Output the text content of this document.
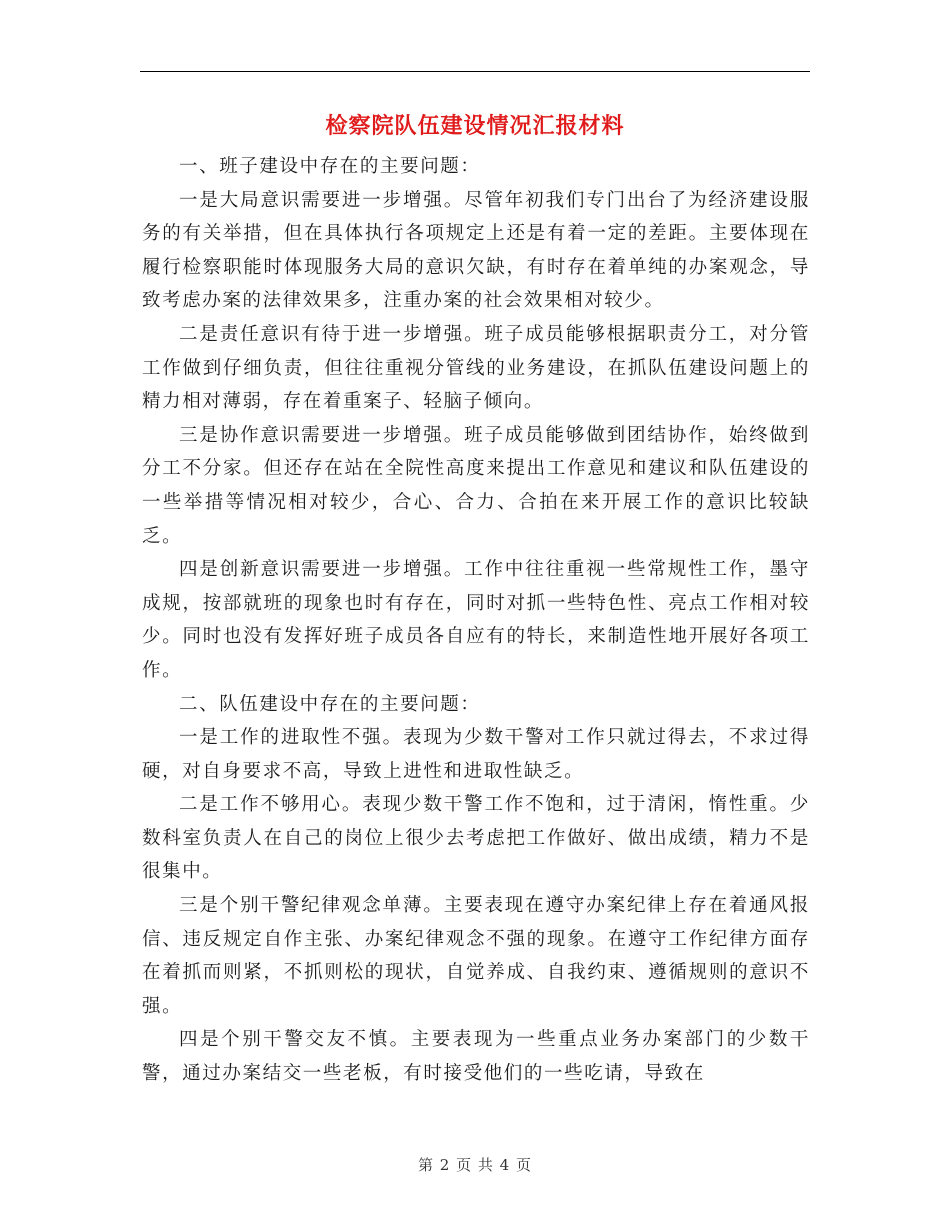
检察院队伍建设情况汇报材料

一、班子建设中存在的主要问题：

一是大局意识需要进一步增强。尽管年初我们专门出台了为经济建设服务的有关举措，但在具体执行各项规定上还是有着一定的差距。主要体现在履行检察职能时体现服务大局的意识欠缺，有时存在着单纯的办案观念，导致考虑办案的法律效果多，注重办案的社会效果相对较少。

二是责任意识有待于进一步增强。班子成员能够根据职责分工，对分管工作做到仔细负责，但往往重视分管线的业务建设，在抓队伍建设问题上的精力相对薄弱，存在着重案子、轻脑子倾向。

三是协作意识需要进一步增强。班子成员能够做到团结协作，始终做到分工不分家。但还存在站在全院性高度来提出工作意见和建议和队伍建设的一些举措等情况相对较少，合心、合力、合拍在来开展工作的意识比较缺乏。

四是创新意识需要进一步增强。工作中往往重视一些常规性工作，墨守成规，按部就班的现象也时有存在，同时对抓一些特色性、亮点工作相对较少。同时也没有发挥好班子成员各自应有的特长，来制造性地开展好各项工作。

二、队伍建设中存在的主要问题：

一是工作的进取性不强。表现为少数干警对工作只就过得去，不求过得硬，对自身要求不高，导致上进性和进取性缺乏。

二是工作不够用心。表现少数干警工作不饱和，过于清闲，惰性重。少数科室负责人在自己的岗位上很少去考虑把工作做好、做出成绩，精力不是很集中。

三是个别干警纪律观念单薄。主要表现在遵守办案纪律上存在着通风报信、违反规定自作主张、办案纪律观念不强的现象。在遵守工作纪律方面存在着抓而则紧，不抓则松的现状，自觉养成、自我约束、遵循规则的意识不强。

四是个别干警交友不慎。主要表现为一些重点业务办案部门的少数干警，通过办案结交一些老板，有时接受他们的一些吃请，导致在

第 2 页 共 4 页
